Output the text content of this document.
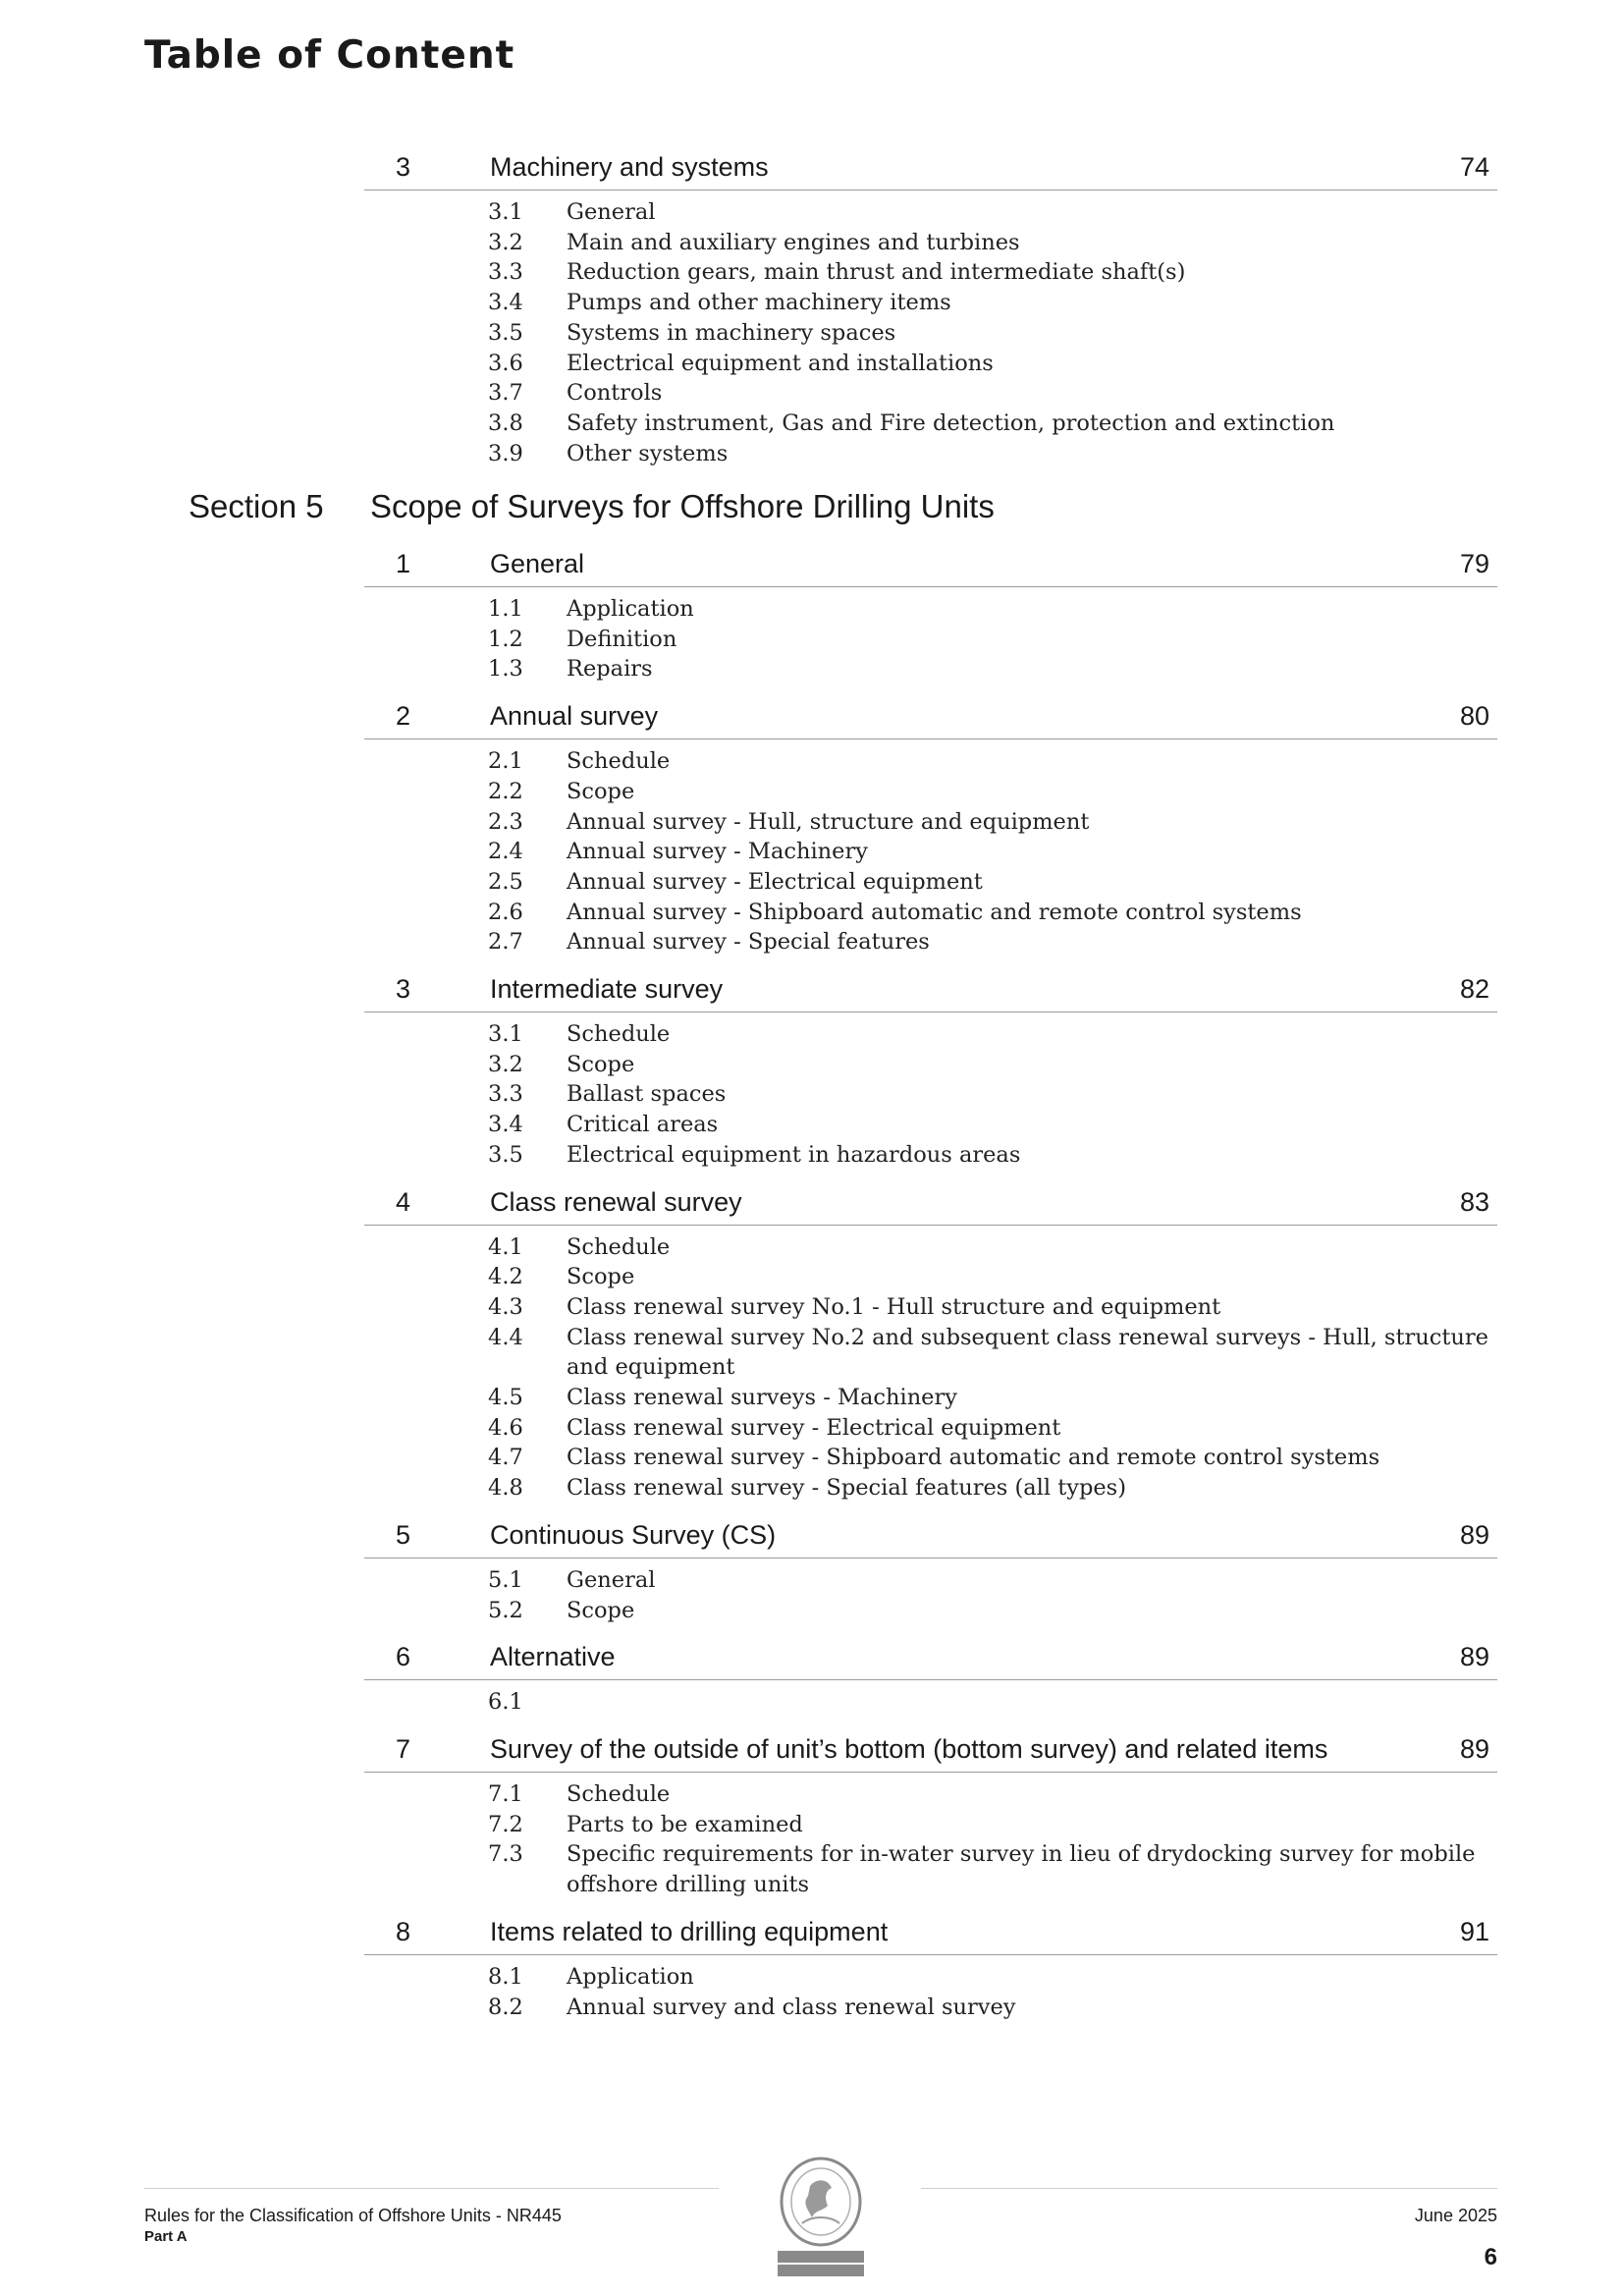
Table of Content
3	Machinery and systems	74
3.1 General
3.2 Main and auxiliary engines and turbines
3.3 Reduction gears, main thrust and intermediate shaft(s)
3.4 Pumps and other machinery items
3.5 Systems in machinery spaces
3.6 Electrical equipment and installations
3.7 Controls
3.8 Safety instrument, Gas and Fire detection, protection and extinction
3.9 Other systems
Section 5 Scope of Surveys for Offshore Drilling Units
1	General	79
1.1 Application
1.2 Definition
1.3 Repairs
2	Annual survey	80
2.1 Schedule
2.2 Scope
2.3 Annual survey - Hull, structure and equipment
2.4 Annual survey - Machinery
2.5 Annual survey - Electrical equipment
2.6 Annual survey - Shipboard automatic and remote control systems
2.7 Annual survey - Special features
3	Intermediate survey	82
3.1 Schedule
3.2 Scope
3.3 Ballast spaces
3.4 Critical areas
3.5 Electrical equipment in hazardous areas
4	Class renewal survey	83
4.1 Schedule
4.2 Scope
4.3 Class renewal survey No.1 - Hull structure and equipment
4.4 Class renewal survey No.2 and subsequent class renewal surveys - Hull, structure and equipment
4.5 Class renewal surveys - Machinery
4.6 Class renewal survey - Electrical equipment
4.7 Class renewal survey - Shipboard automatic and remote control systems
4.8 Class renewal survey - Special features (all types)
5	Continuous Survey (CS)	89
5.1 General
5.2 Scope
6	Alternative	89
6.1

7	Survey of the outside of unit’s bottom (bottom survey) and related items	89
7.1 Schedule
7.2 Parts to be examined
7.3 Specific requirements for in-water survey in lieu of drydocking survey for mobile offshore drilling units
8	Items related to drilling equipment	91
8.1 Application
8.2 Annual survey and class renewal survey
Rules for the Classification of Offshore Units - NR445
Part A
June 2025
6
